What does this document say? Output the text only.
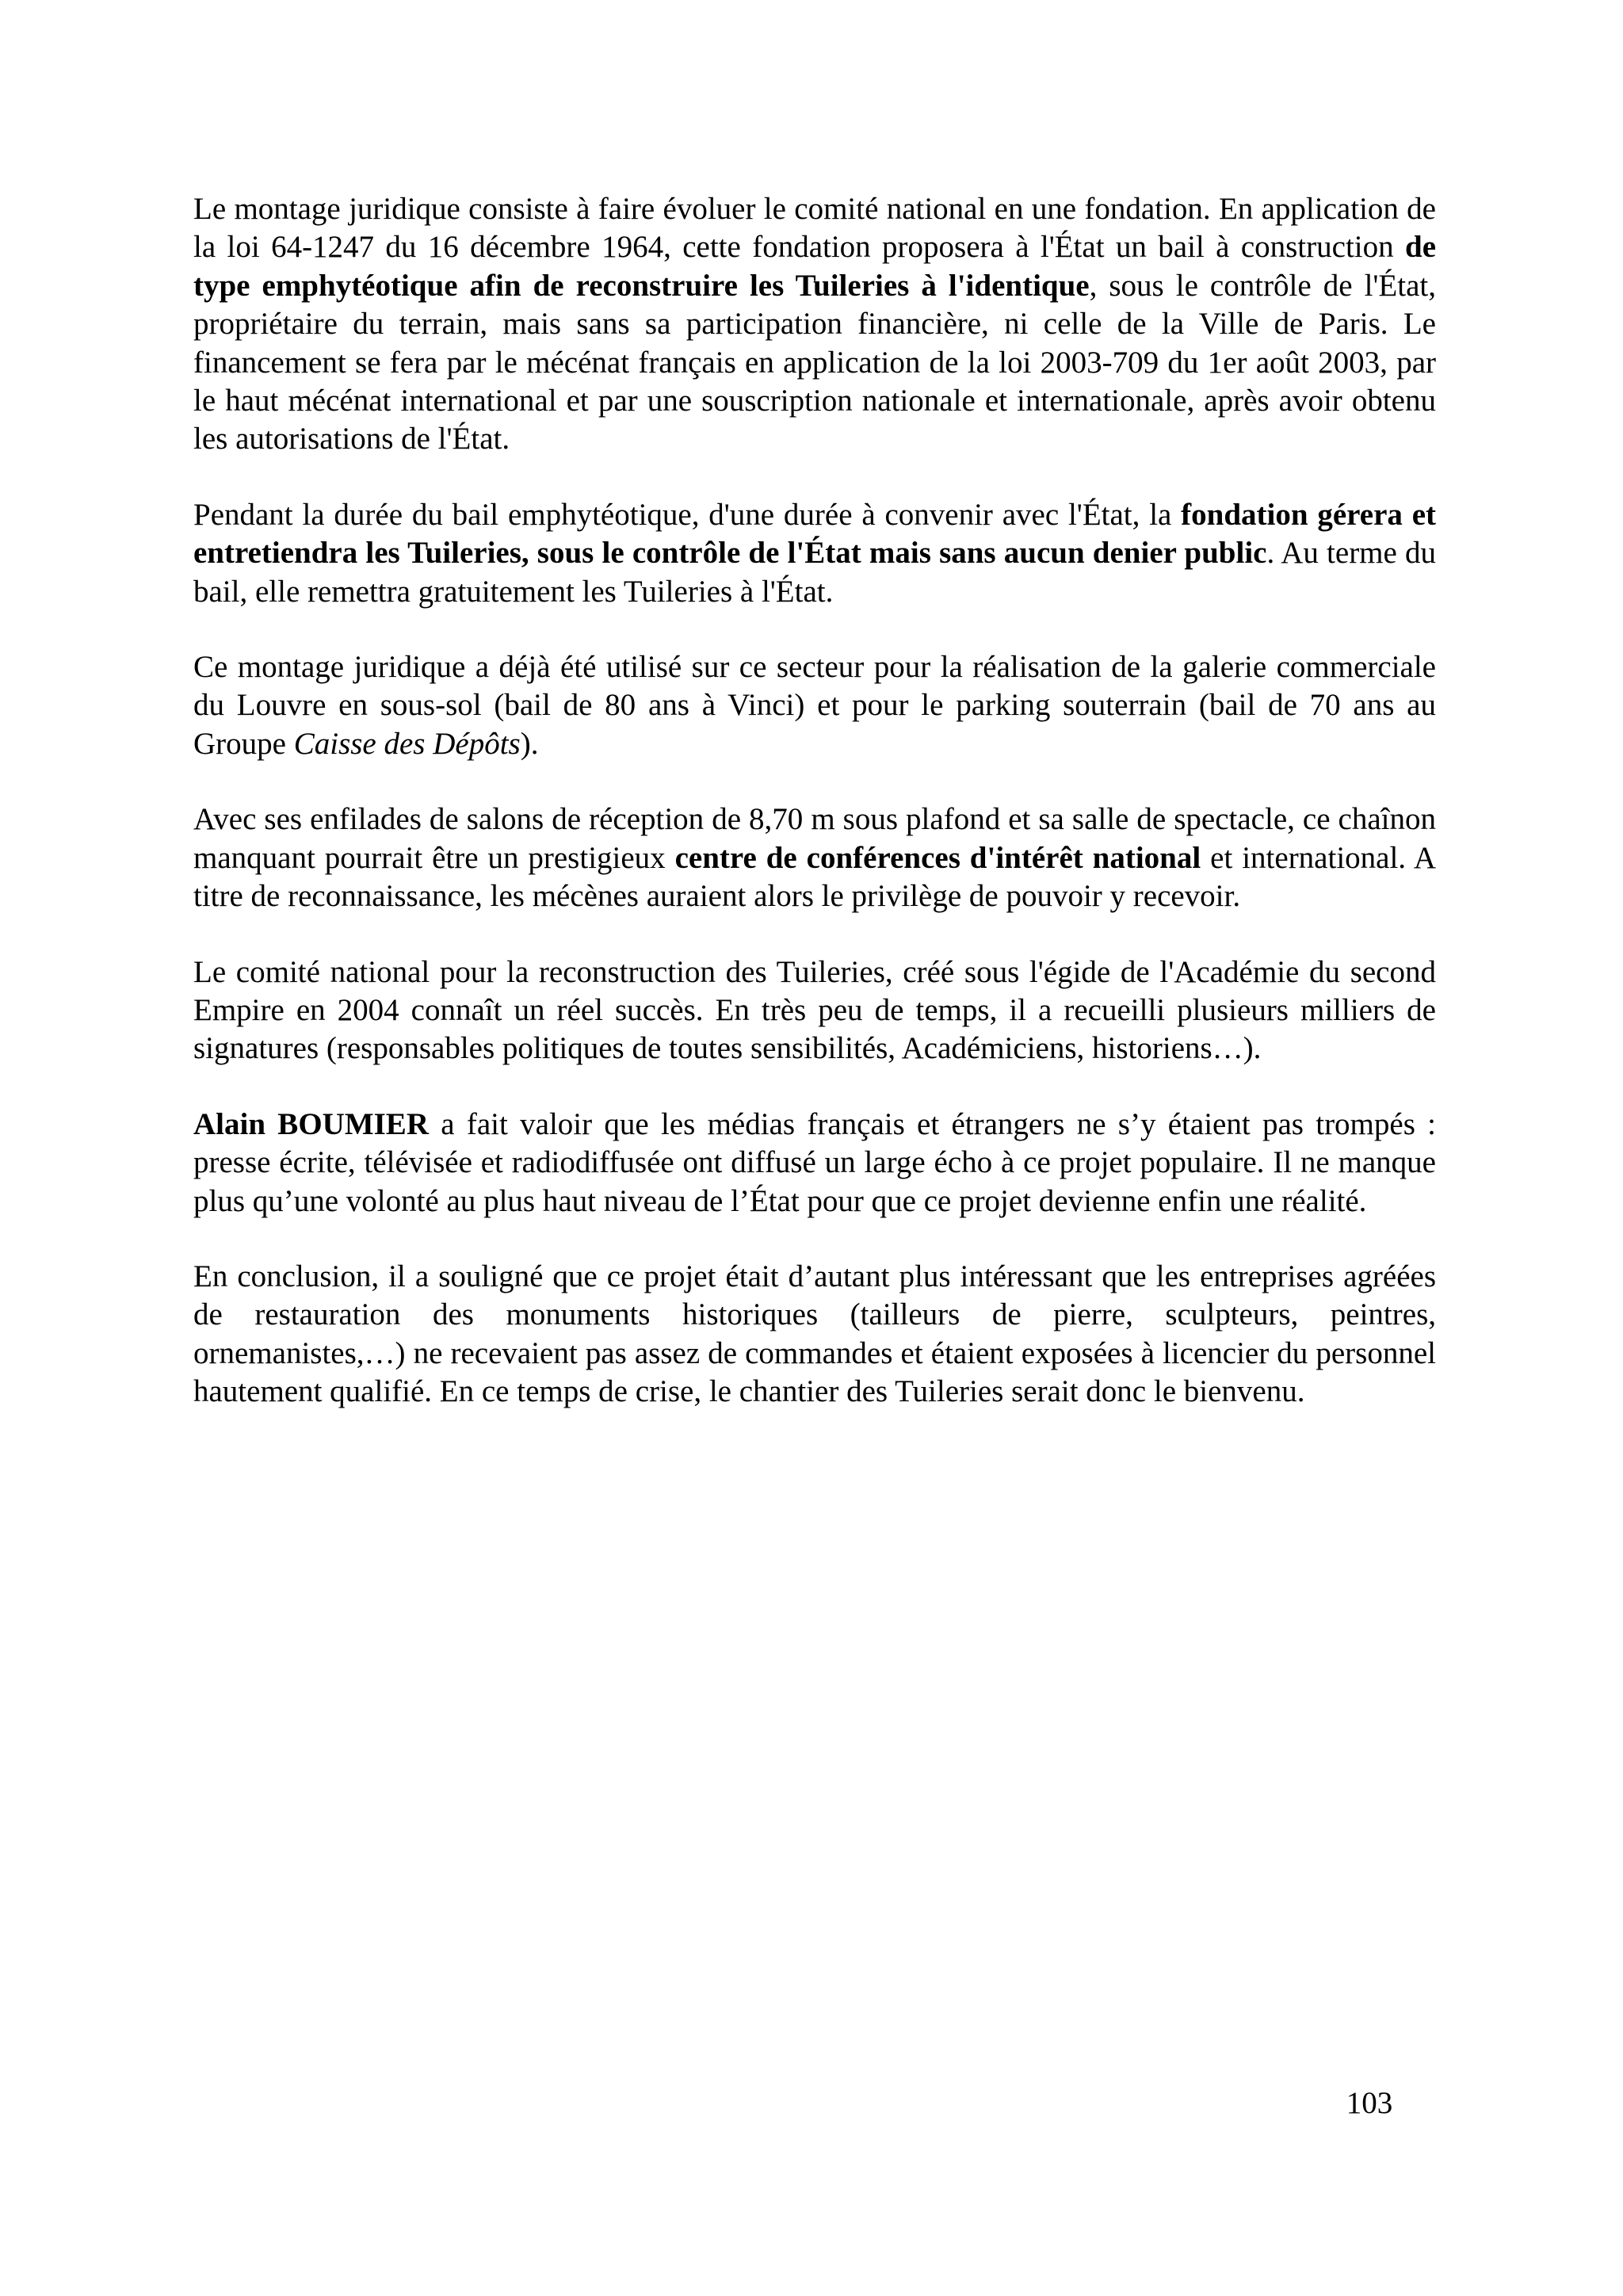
Le montage juridique consiste à faire évoluer le comité national en une fondation. En application de la loi 64-1247 du 16 décembre 1964, cette fondation proposera à l'État un bail à construction de type emphytéotique afin de reconstruire les Tuileries à l'identique, sous le contrôle de l'État, propriétaire du terrain, mais sans sa participation financière, ni celle de la Ville de Paris. Le financement se fera par le mécénat français en application de la loi 2003-709 du 1er août 2003, par le haut mécénat international et par une souscription nationale et internationale, après avoir obtenu les autorisations de l'État.

Pendant la durée du bail emphytéotique, d'une durée à convenir avec l'État, la fondation gérera et entretiendra les Tuileries, sous le contrôle de l'État mais sans aucun denier public. Au terme du bail, elle remettra gratuitement les Tuileries à l'État.

Ce montage juridique a déjà été utilisé sur ce secteur pour la réalisation de la galerie commerciale du Louvre en sous-sol (bail de 80 ans à Vinci) et pour le parking souterrain (bail de 70 ans au Groupe Caisse des Dépôts).

Avec ses enfilades de salons de réception de 8,70 m sous plafond et sa salle de spectacle, ce chaînon manquant pourrait être un prestigieux centre de conférences d'intérêt national et international. A titre de reconnaissance, les mécènes auraient alors le privilège de pouvoir y recevoir.

Le comité national pour la reconstruction des Tuileries, créé sous l'égide de l'Académie du second Empire en 2004 connaît un réel succès. En très peu de temps, il a recueilli plusieurs milliers de signatures (responsables politiques de toutes sensibilités, Académiciens, historiens…).

Alain BOUMIER a fait valoir que les médias français et étrangers ne s’y étaient pas trompés : presse écrite, télévisée et radiodiffusée ont diffusé un large écho à ce projet populaire. Il ne manque plus qu’une volonté au plus haut niveau de l’État pour que ce projet devienne enfin une réalité.

En conclusion, il a souligné que ce projet était d’autant plus intéressant que les entreprises agréées de restauration des monuments historiques (tailleurs de pierre, sculpteurs, peintres, ornemanistes,…) ne recevaient pas assez de commandes et étaient exposées à licencier du personnel hautement qualifié. En ce temps de crise, le chantier des Tuileries serait donc le bienvenu.

103
